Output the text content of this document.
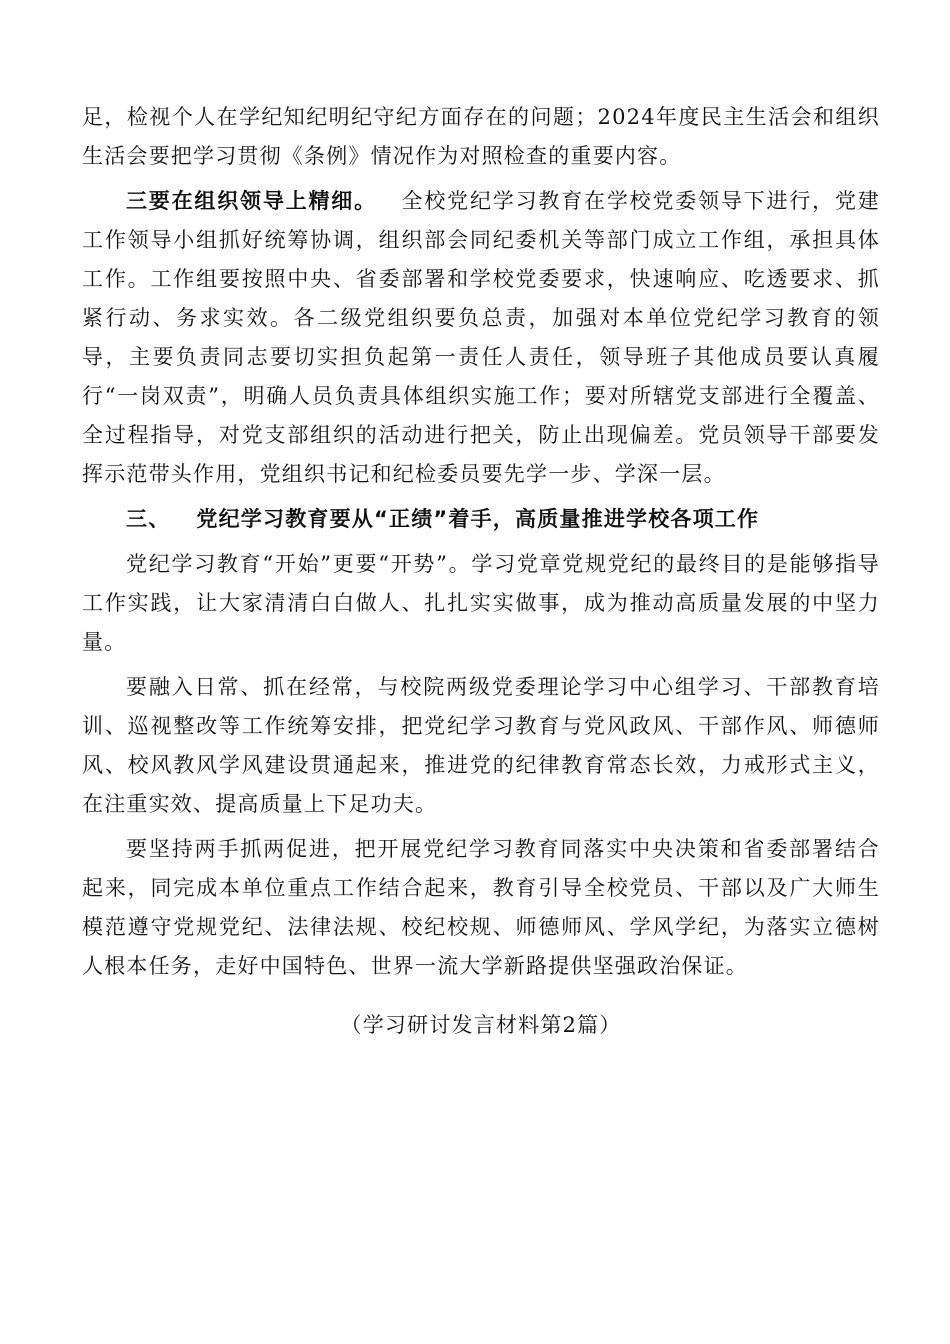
足，检视个人在学纪知纪明纪守纪方面存在的问题；2024年度民主生活会和组织生活会要把学习贯彻《条例》情况作为对照检查的重要内容。

三要在组织领导上精细。 全校党纪学习教育在学校党委领导下进行，党建工作领导小组抓好统筹协调，组织部会同纪委机关等部门成立工作组，承担具体工作。工作组要按照中央、省委部署和学校党委要求，快速响应、吃透要求、抓紧行动、务求实效。各二级党组织要负总责，加强对本单位党纪学习教育的领导，主要负责同志要切实担负起第一责任人责任，领导班子其他成员要认真履行“一岗双责”，明确人员负责具体组织实施工作；要对所辖党支部进行全覆盖、全过程指导，对党支部组织的活动进行把关，防止出现偏差。党员领导干部要发挥示范带头作用，党组织书记和纪检委员要先学一步、学深一层。

三、 党纪学习教育要从“正绩”着手，高质量推进学校各项工作

党纪学习教育“开始”更要“开势”。学习党章党规党纪的最终目的是能够指导工作实践，让大家清清白白做人、扎扎实实做事，成为推动高质量发展的中坚力量。

要融入日常、抓在经常，与校院两级党委理论学习中心组学习、干部教育培训、巡视整改等工作统筹安排，把党纪学习教育与党风政风、干部作风、师德师风、校风教风学风建设贯通起来，推进党的纪律教育常态长效，力戒形式主义，在注重实效、提高质量上下足功夫。

要坚持两手抓两促进，把开展党纪学习教育同落实中央决策和省委部署结合起来，同完成本单位重点工作结合起来，教育引导全校党员、干部以及广大师生模范遵守党规党纪、法律法规、校纪校规、师德师风、学风学纪，为落实立德树人根本任务，走好中国特色、世界一流大学新路提供坚强政治保证。

（学习研讨发言材料第2篇）
